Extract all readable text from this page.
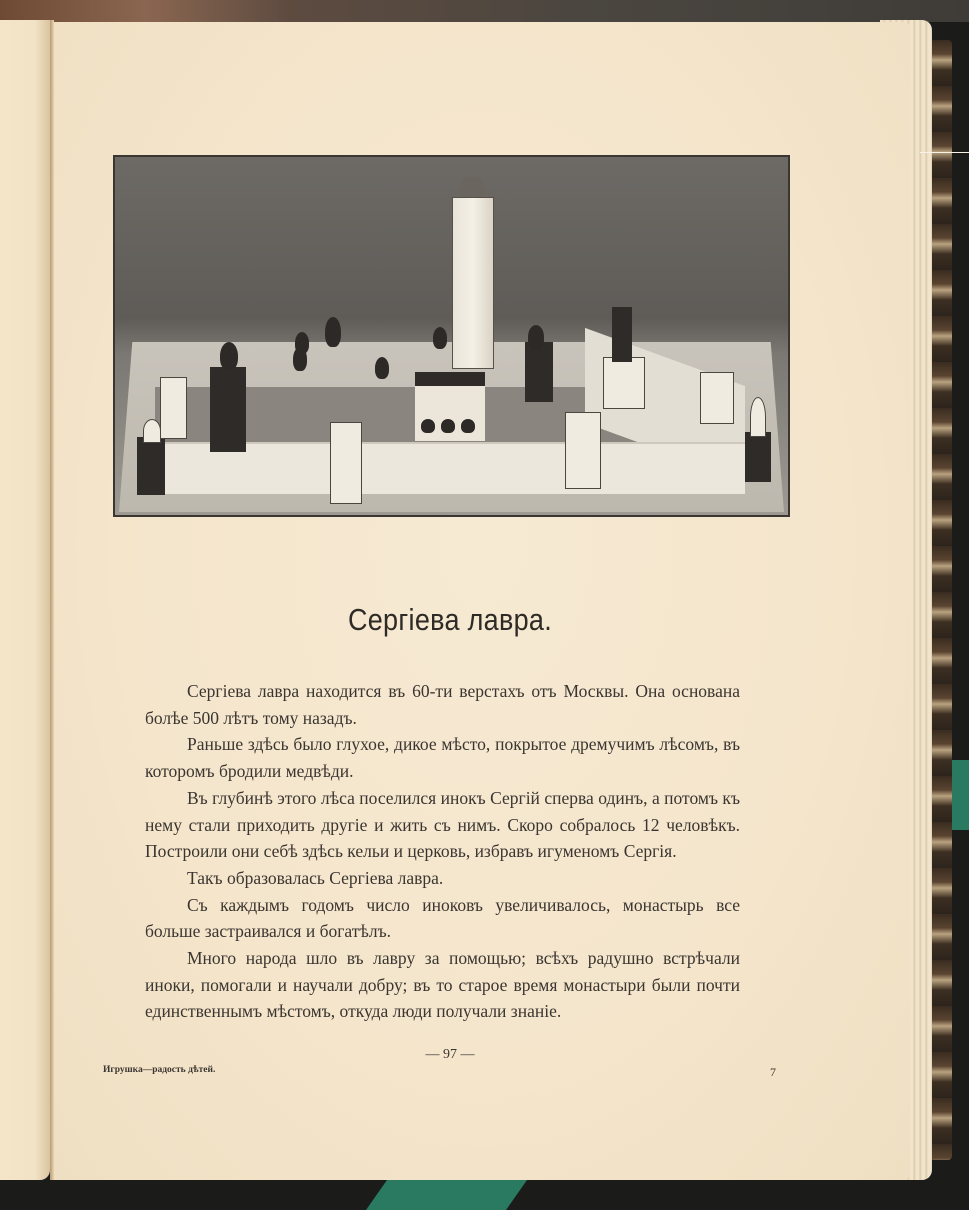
Сергiева лавра.

Сергiева лавра находится въ 60-ти верстахъ отъ Москвы. Она основана болѣе 500 лѣтъ тому назадъ.

Раньше здѣсь было глухое, дикое мѣсто, покрытое дремучимъ лѣсомъ, въ которомъ бродили медвѣди.

Въ глубинѣ этого лѣса поселился инокъ Сергiй сперва одинъ, а потомъ къ нему стали приходить другiе и жить съ нимъ. Скоро собралось 12 человѣкъ. Построили они себѣ здѣсь кельи и церковь, избравъ игуменомъ Сергiя.

Такъ образовалась Сергiева лавра.

Съ каждымъ годомъ число иноковъ увеличивалось, монастырь все больше застраивался и богатѣлъ.

Много народа шло въ лавру за помощью; всѣхъ радушно встрѣчали иноки, помогали и научали добру; въ то старое время монастыри были почти единственнымъ мѣстомъ, откуда люди получали знанiе.

— 97 —
Игрушка—радость дѣтей.	7
